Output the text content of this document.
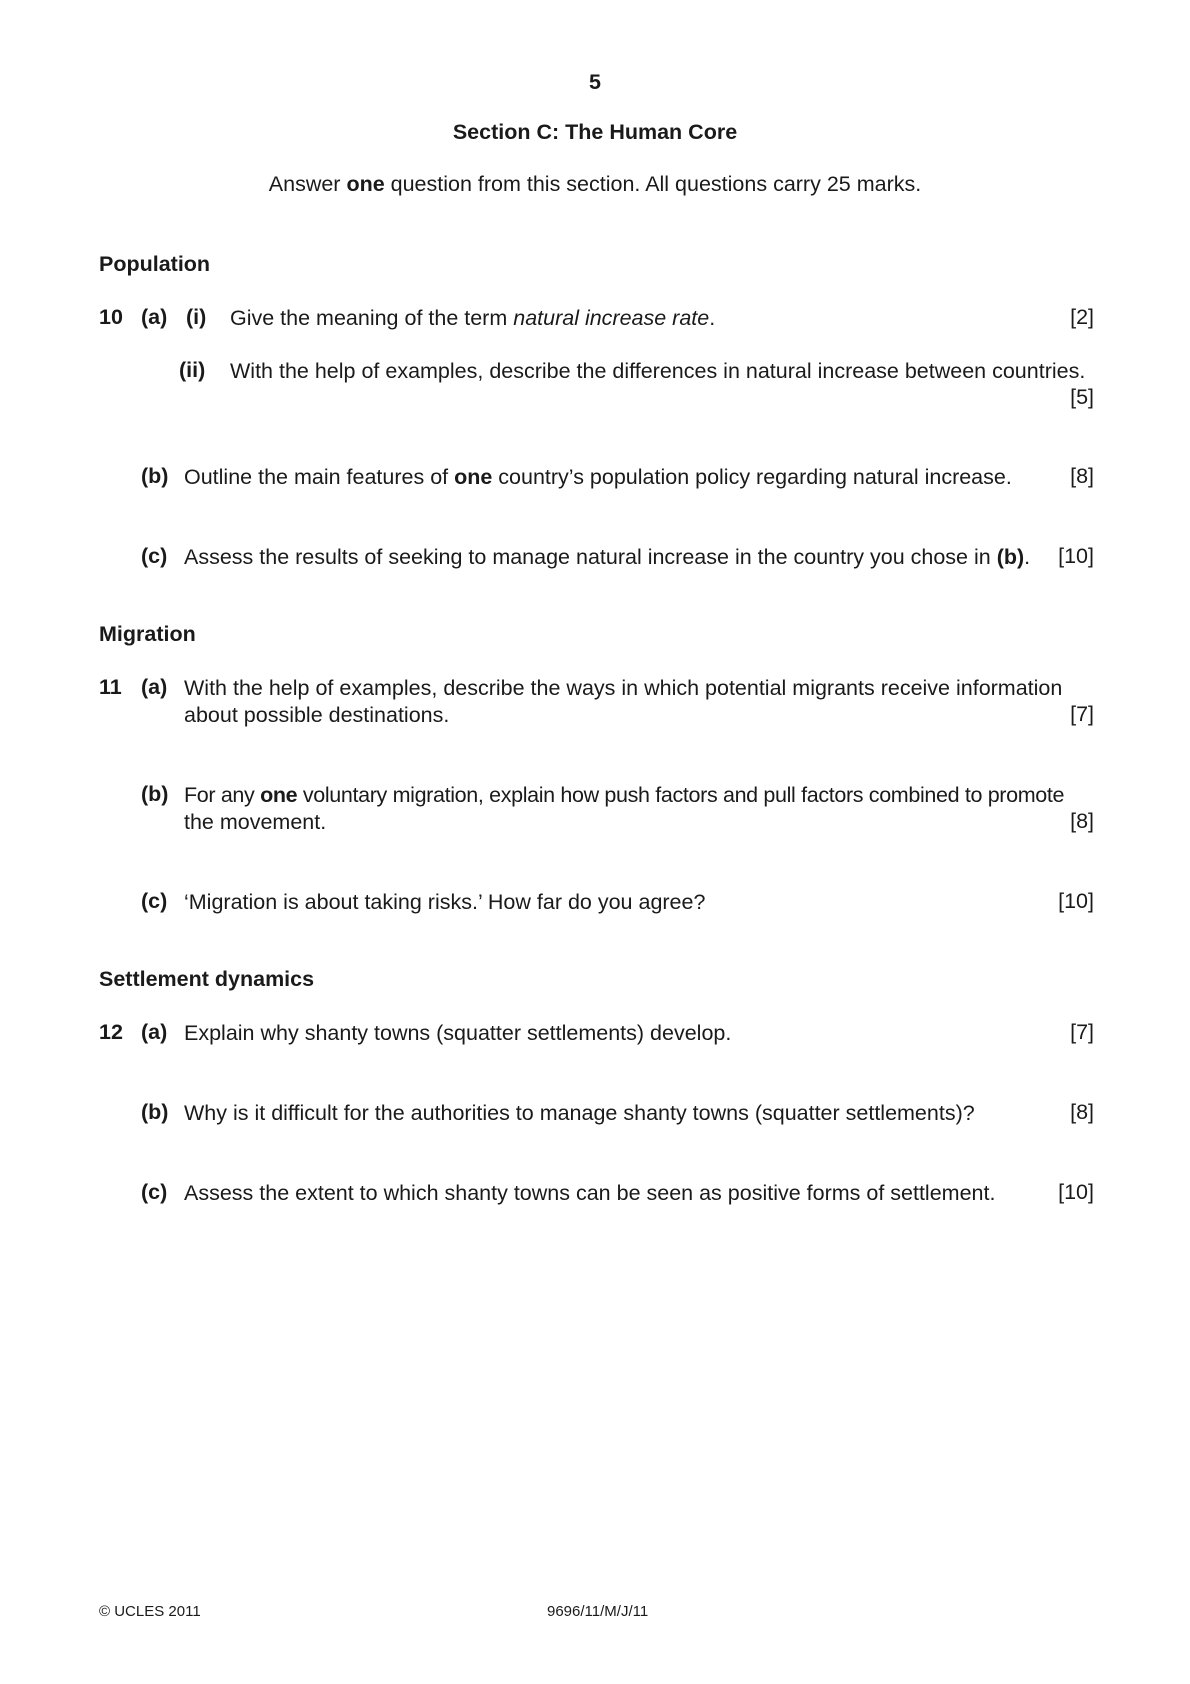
5
Section C: The Human Core
Answer one question from this section. All questions carry 25 marks.
Population
10 (a) (i) Give the meaning of the term natural increase rate.	[2]
(ii) With the help of examples, describe the differences in natural increase between countries.
[5]
(b) Outline the main features of one country’s population policy regarding natural increase.	[8]
(c) Assess the results of seeking to manage natural increase in the country you chose in (b).	[10]
Migration
11 (a) With the help of examples, describe the ways in which potential migrants receive information
about possible destinations.	[7]
(b) For any one voluntary migration, explain how push factors and pull factors combined to promote
the movement.	[8]
(c) ‘Migration is about taking risks.’ How far do you agree?	[10]
Settlement dynamics
12 (a) Explain why shanty towns (squatter settlements) develop.	[7]
(b) Why is it difficult for the authorities to manage shanty towns (squatter settlements)?	[8]
(c) Assess the extent to which shanty towns can be seen as positive forms of settlement.	[10]
© UCLES 2011	9696/11/M/J/11
